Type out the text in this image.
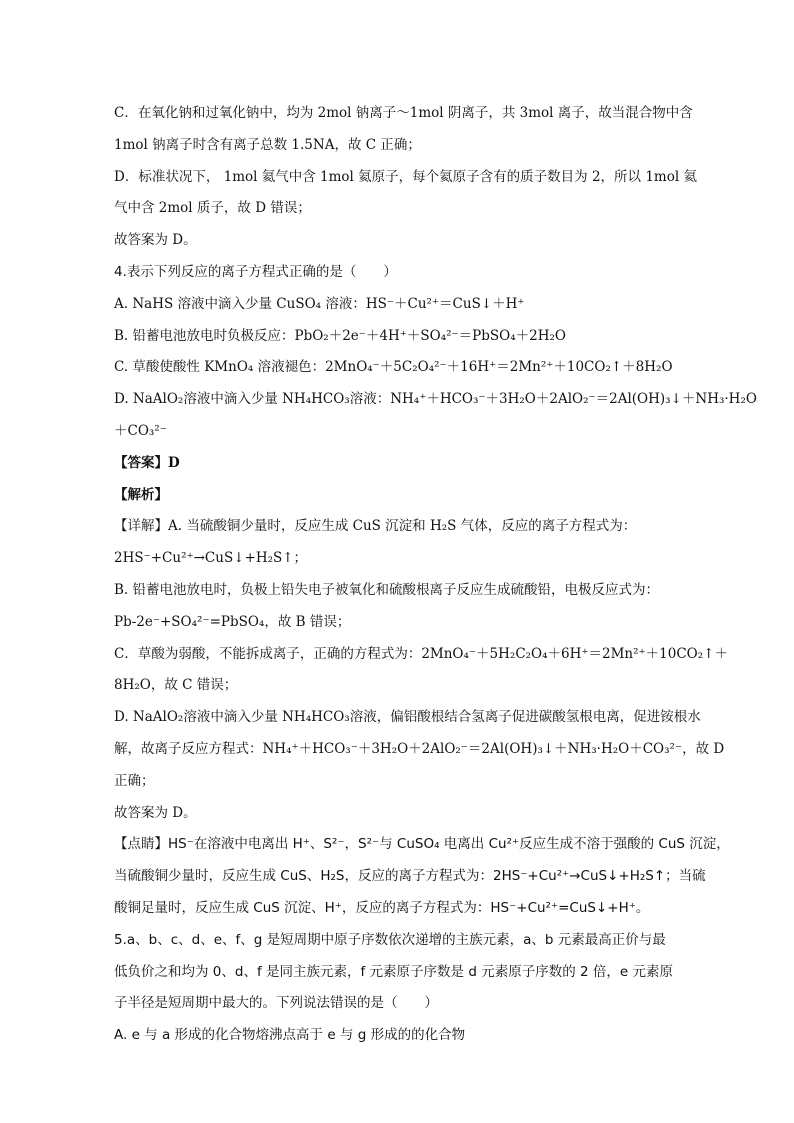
C．在氧化钠和过氧化钠中，均为 2mol 钠离子～1mol 阴离子，共 3mol 离子，故当混合物中含
1mol 钠离子时含有离子总数 1.5NA，故 C 正确；
D．标准状况下， 1mol 氦气中含 1mol 氦原子，每个氦原子含有的质子数目为 2，所以 1mol 氦
气中含 2mol 质子，故 D 错误；
故答案为 D。
4.表示下列反应的离子方程式正确的是（　　）
A. NaHS 溶液中滴入少量 CuSO₄ 溶液：HS⁻＋Cu²⁺＝CuS↓＋H⁺
B. 铅蓄电池放电时负极反应：PbO₂＋2e⁻＋4H⁺＋SO₄²⁻＝PbSO₄＋2H₂O
C. 草酸使酸性 KMnO₄ 溶液褪色：2MnO₄⁻＋5C₂O₄²⁻＋16H⁺＝2Mn²⁺＋10CO₂↑＋8H₂O
D. NaAlO₂溶液中滴入少量 NH₄HCO₃溶液：NH₄⁺＋HCO₃⁻＋3H₂O＋2AlO₂⁻＝2Al(OH)₃↓＋NH₃·H₂O
＋CO₃²⁻
【答案】D
【解析】
【详解】A. 当硫酸铜少量时，反应生成 CuS 沉淀和 H₂S 气体，反应的离子方程式为：
2HS⁻+Cu²⁺→CuS↓+H₂S↑；
B. 铅蓄电池放电时，负极上铅失电子被氧化和硫酸根离子反应生成硫酸铅，电极反应式为：
Pb-2e⁻+SO₄²⁻=PbSO₄，故 B 错误；
C．草酸为弱酸，不能拆成离子，正确的方程式为：2MnO₄⁻＋5H₂C₂O₄＋6H⁺＝2Mn²⁺＋10CO₂↑＋
8H₂O，故 C 错误；
D. NaAlO₂溶液中滴入少量 NH₄HCO₃溶液，偏铝酸根结合氢离子促进碳酸氢根电离，促进铵根水
解，故离子反应方程式：NH₄⁺＋HCO₃⁻＋3H₂O＋2AlO₂⁻＝2Al(OH)₃↓＋NH₃·H₂O＋CO₃²⁻，故 D
正确；
故答案为 D。
【点睛】HS⁻在溶液中电离出 H⁺、S²⁻，S²⁻与 CuSO₄ 电离出 Cu²⁺反应生成不溶于强酸的 CuS 沉淀，
当硫酸铜少量时，反应生成 CuS、H₂S，反应的离子方程式为：2HS⁻+Cu²⁺→CuS↓+H₂S↑；当硫
酸铜足量时，反应生成 CuS 沉淀、H⁺，反应的离子方程式为：HS⁻+Cu²⁺=CuS↓+H⁺。
5.a、b、c、d、e、f、g 是短周期中原子序数依次递增的主族元素，a、b 元素最高正价与最
低负价之和均为 0、d、f 是同主族元素，f 元素原子序数是 d 元素原子序数的 2 倍，e 元素原
子半径是短周期中最大的。下列说法错误的是（　　）
A. e 与 a 形成的化合物熔沸点高于 e 与 g 形成的的化合物
